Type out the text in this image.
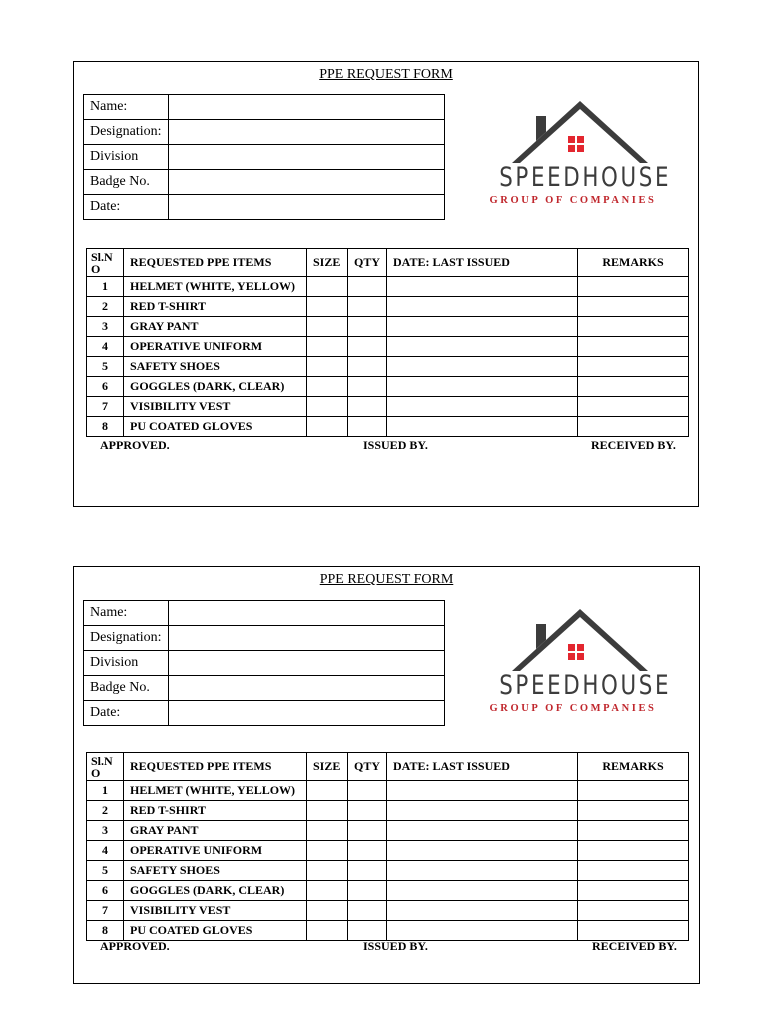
PPE REQUEST FORM
Name:	
Designation:	
Division	
Badge No.	
Date:	
SPEEDHOUSE
GROUP OF COMPANIES
Sl.N O	REQUESTED PPE ITEMS	SIZE	QTY	DATE: LAST ISSUED	REMARKS
1	HELMET (WHITE, YELLOW)				
2	RED T-SHIRT				
3	GRAY PANT				
4	OPERATIVE UNIFORM				
5	SAFETY SHOES				
6	GOGGLES (DARK, CLEAR)				
7	VISIBILITY VEST				
8	PU COATED GLOVES				
APPROVED.	ISSUED BY.	RECEIVED BY.
PPE REQUEST FORM
Name:	
Designation:	
Division	
Badge No.	
Date:	
SPEEDHOUSE
GROUP OF COMPANIES
Sl.N O	REQUESTED PPE ITEMS	SIZE	QTY	DATE: LAST ISSUED	REMARKS
1	HELMET (WHITE, YELLOW)				
2	RED T-SHIRT				
3	GRAY PANT				
4	OPERATIVE UNIFORM				
5	SAFETY SHOES				
6	GOGGLES (DARK, CLEAR)				
7	VISIBILITY VEST				
8	PU COATED GLOVES				
APPROVED.	ISSUED BY.	RECEIVED BY.
